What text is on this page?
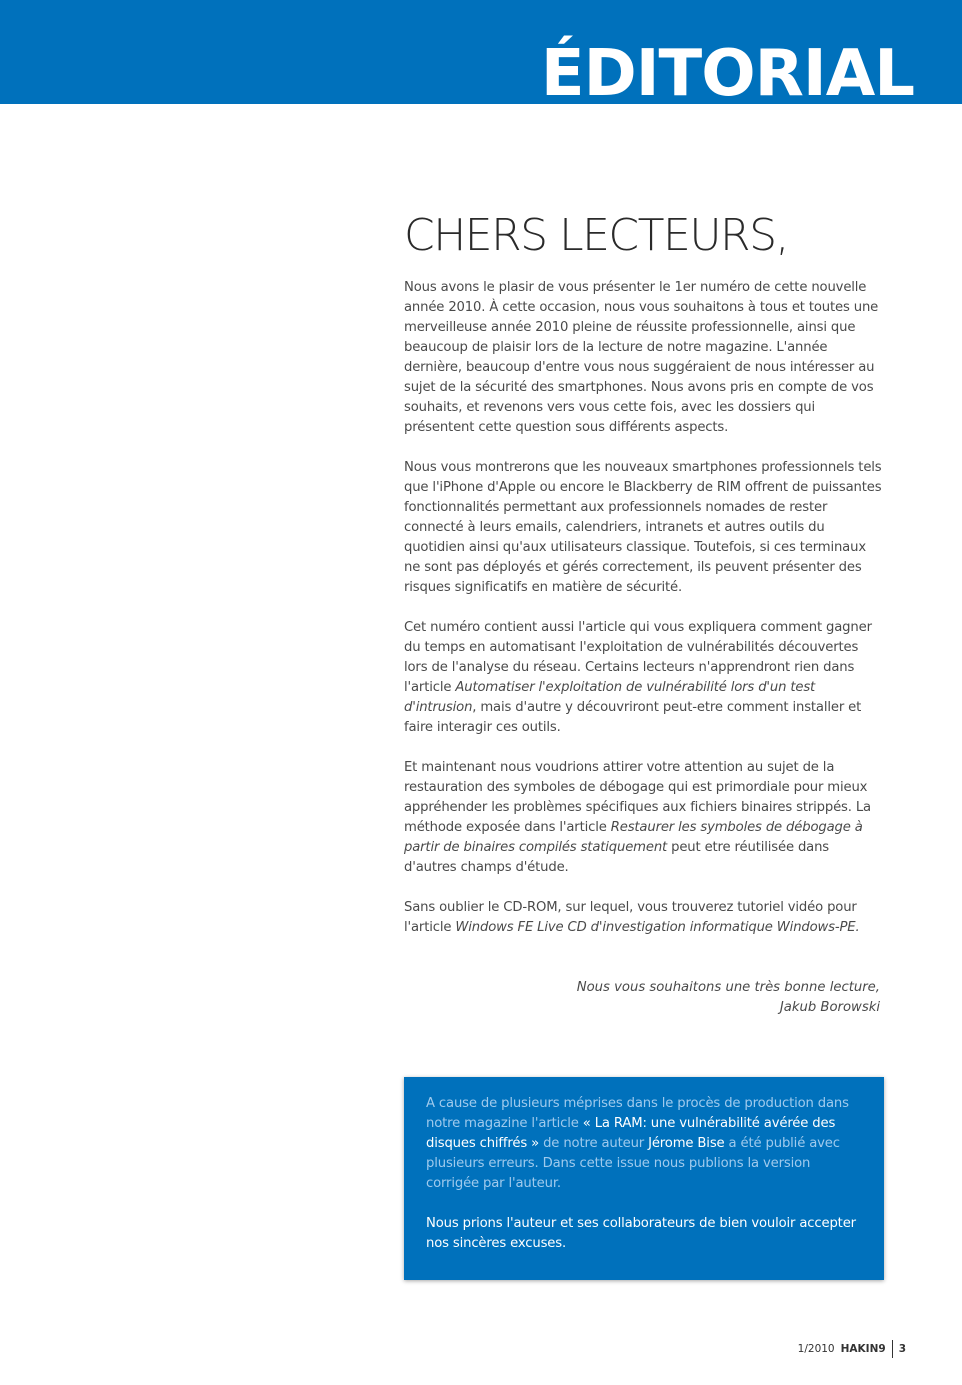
ÉDITORIAL
CHERS LECTEURS,

Nous avons le plasir de vous présenter le 1er numéro de cette nouvelle année 2010. À cette occasion, nous vous souhaitons à tous et toutes une merveilleuse année 2010 pleine de réussite professionnelle, ainsi que beaucoup de plaisir lors de la lecture de notre magazine. L'année dernière, beaucoup d'entre vous nous suggéraient de nous intéresser au sujet de la sécurité des smartphones. Nous avons pris en compte de vos souhaits, et revenons vers vous cette fois, avec les dossiers qui présentent cette question sous différents aspects.

Nous vous montrerons que les nouveaux smartphones professionnels tels que l'iPhone d'Apple ou encore le Blackberry de RIM offrent de puissantes fonctionnalités permettant aux professionnels nomades de rester connecté à leurs emails, calendriers, intranets et autres outils du quotidien ainsi qu'aux utilisateurs classique. Toutefois, si ces terminaux ne sont pas déployés et gérés correctement, ils peuvent présenter des risques significatifs en matière de sécurité.

Cet numéro contient aussi l'article qui vous expliquera comment gagner du temps en automatisant l'exploitation de vulnérabilités découvertes lors de l'analyse du réseau. Certains lecteurs n'apprendront rien dans l'article Automatiser l'exploitation de vulnérabilité lors d'un test d'intrusion, mais d'autre y découvriront peut-etre comment installer et faire interagir ces outils.

Et maintenant nous voudrions attirer votre attention au sujet de la restauration des symboles de débogage qui est primordiale pour mieux appréhender les problèmes spécifiques aux fichiers binaires strippés. La méthode exposée dans l'article Restaurer les symboles de débogage à partir de binaires compilés statiquement peut etre réutilisée dans d'autres champs d'étude.

Sans oublier le CD-ROM, sur lequel, vous trouverez tutoriel vidéo pour l'article Windows FE Live CD d'investigation informatique Windows-PE.

Nous vous souhaitons une très bonne lecture,
Jakub Borowski

A cause de plusieurs méprises dans le procès de production dans notre magazine l'article « La RAM: une vulnérabilité avérée des disques chiffrés » de notre auteur Jérome Bise a été publié avec plusieurs erreurs. Dans cette issue nous publions la version corrigée par l'auteur.

Nous prions l'auteur et ses collaborateurs de bien vouloir accepter nos sincères excuses.

1/2010 HAKIN9 3
